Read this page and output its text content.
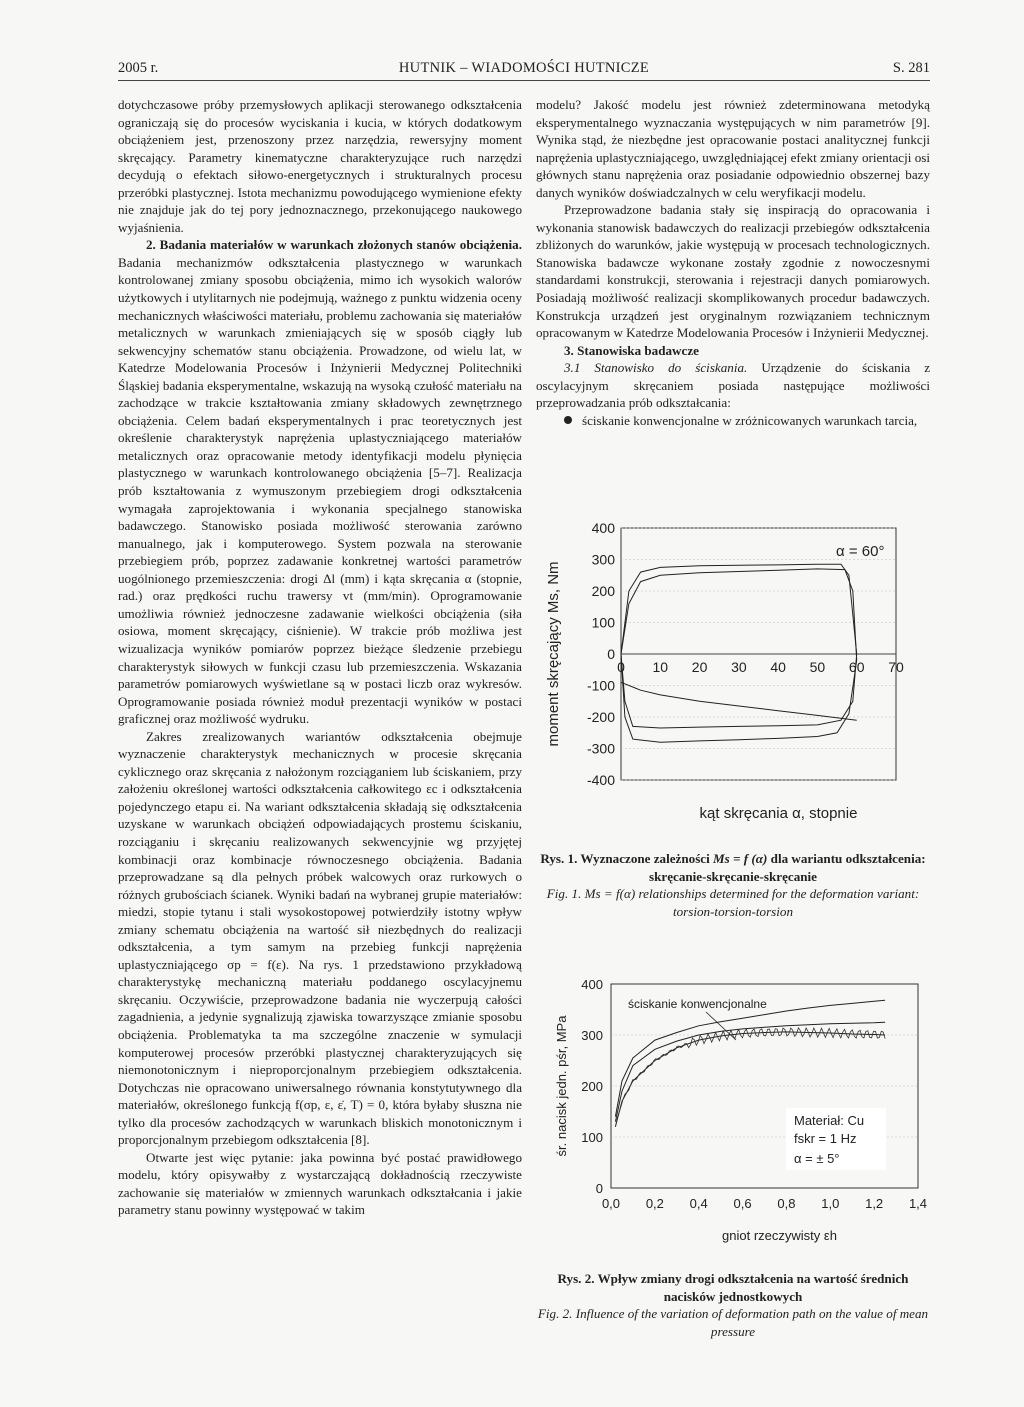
2005 r.	HUTNIK – WIADOMOŚCI HUTNICZE	S. 281

dotychczasowe próby przemysłowych aplikacji sterowanego odkształcenia ograniczają się do procesów wyciskania i kucia, w których dodatkowym obciążeniem jest, przenoszony przez narzędzia, rewersyjny moment skręcający. Parametry kinematyczne charakteryzujące ruch narzędzi decydują o efektach siłowo-energetycznych i strukturalnych procesu przeróbki plastycznej. Istota mechanizmu powodującego wymienione efekty nie znajduje jak do tej pory jednoznacznego, przekonującego naukowego wyjaśnienia.

2. Badania materiałów w warunkach złożonych stanów obciążenia. Badania mechanizmów odkształcenia plastycznego w warunkach kontrolowanej zmiany sposobu obciążenia, mimo ich wysokich walorów użytkowych i utylitarnych nie podejmują, ważnego z punktu widzenia oceny mechanicznych właściwości materiału, problemu zachowania się materiałów metalicznych w warunkach zmieniających się w sposób ciągły lub sekwencyjny schematów stanu obciążenia. Prowadzone, od wielu lat, w Katedrze Modelowania Procesów i Inżynierii Medycznej Politechniki Śląskiej badania eksperymentalne, wskazują na wysoką czułość materiału na zachodzące w trakcie kształtowania zmiany składowych zewnętrznego obciążenia. Celem badań eksperymentalnych i prac teoretycznych jest określenie charakterystyk naprężenia uplastyczniającego materiałów metalicznych oraz opracowanie metody identyfikacji modelu płynięcia plastycznego w warunkach kontrolowanego obciążenia [5–7]. Realizacja prób kształtowania z wymuszonym przebiegiem drogi odkształcenia wymagała zaprojektowania i wykonania specjalnego stanowiska badawczego. Stanowisko posiada możliwość sterowania zarówno manualnego, jak i komputerowego. System pozwala na sterowanie przebiegiem prób, poprzez zadawanie konkretnej wartości parametrów uogólnionego przemieszczenia: drogi Δl (mm) i kąta skręcania α (stopnie, rad.) oraz prędkości ruchu trawersy vt (mm/min). Oprogramowanie umożliwia również jednoczesne zadawanie wielkości obciążenia (siła osiowa, moment skręcający, ciśnienie). W trakcie prób możliwa jest wizualizacja wyników pomiarów poprzez bieżące śledzenie przebiegu charakterystyk siłowych w funkcji czasu lub przemieszczenia. Wskazania parametrów pomiarowych wyświetlane są w postaci liczb oraz wykresów. Oprogramowanie posiada również moduł prezentacji wyników w postaci graficznej oraz możliwość wydruku.

Zakres zrealizowanych wariantów odkształcenia obejmuje wyznaczenie charakterystyk mechanicznych w procesie skręcania cyklicznego oraz skręcania z nałożonym rozciąganiem lub ściskaniem, przy założeniu określonej wartości odkształcenia całkowitego εc i odkształcenia pojedynczego etapu εi. Na wariant odkształcenia składają się odkształcenia uzyskane w warunkach obciążeń odpowiadających prostemu ściskaniu, rozciąganiu i skręcaniu realizowanych sekwencyjnie wg przyjętej kombinacji oraz kombinacje równoczesnego obciążenia. Badania przeprowadzane są dla pełnych próbek walcowych oraz rurkowych o różnych grubościach ścianek. Wyniki badań na wybranej grupie materiałów: miedzi, stopie tytanu i stali wysokostopowej potwierdziły istotny wpływ zmiany schematu obciążenia na wartość sił niezbędnych do realizacji odkształcenia, a tym samym na przebieg funkcji naprężenia uplastyczniającego σp = f(ε). Na rys. 1 przedstawiono przykładową charakterystykę mechaniczną materiału poddanego oscylacyjnemu skręcaniu. Oczywiście, przeprowadzone badania nie wyczerpują całości zagadnienia, a jedynie sygnalizują zjawiska towarzyszące zmianie sposobu obciążenia. Problematyka ta ma szczególne znaczenie w symulacji komputerowej procesów przeróbki plastycznej charakteryzujących się niemonotonicznym i nieproporcjonalnym przebiegiem odkształcenia. Dotychczas nie opracowano uniwersalnego równania konstytutywnego dla materiałów, określonego funkcją f(σp, ε, ε̇, T) = 0, która byłaby słuszna nie tylko dla procesów zachodzących w warunkach bliskich monotonicznym i proporcjonalnym przebiegom odkształcenia [8].

Otwarte jest więc pytanie: jaka powinna być postać prawidłowego modelu, który opisywałby z wystarczającą dokładnością rzeczywiste zachowanie się materiałów w zmiennych warunkach odkształcania i jakie parametry stanu powinny występować w takim

modelu? Jakość modelu jest również zdeterminowana metodyką eksperymentalnego wyznaczania występujących w nim parametrów [9]. Wynika stąd, że niezbędne jest opracowanie postaci analitycznej funkcji naprężenia uplastyczniającego, uwzględniającej efekt zmiany orientacji osi głównych stanu naprężenia oraz posiadanie odpowiednio obszernej bazy danych wyników doświadczalnych w celu weryfikacji modelu.

Przeprowadzone badania stały się inspiracją do opracowania i wykonania stanowisk badawczych do realizacji przebiegów odkształcenia zbliżonych do warunków, jakie występują w procesach technologicznych. Stanowiska badawcze wykonane zostały zgodnie z nowoczesnymi standardami konstrukcji, sterowania i rejestracji danych pomiarowych. Posiadają możliwość realizacji skomplikowanych procedur badawczych. Konstrukcja urządzeń jest oryginalnym rozwiązaniem technicznym opracowanym w Katedrze Modelowania Procesów i Inżynierii Medycznej.

3. Stanowiska badawcze

3.1 Stanowisko do ściskania. Urządzenie do ściskania z oscylacyjnym skręcaniem posiada następujące możliwości przeprowadzania prób odkształcania:

ściskanie konwencjonalne w zróżnicowanych warunkach tarcia,

400
300
200
100
0
-100
-200
-300
-400
0 10 20 30 40 50 60 70
α = 60°
moment skręcający Ms, Nm
kąt skręcania α, stopnie
Rys. 1. Wyznaczone zależności Ms = f (α) dla wariantu odkształcenia: skręcanie-skręcanie-skręcanie
Fig. 1. Ms = f(α) relationships determined for the deformation variant: torsion-torsion-torsion
0
100
200
300
400
0,0 0,2 0,4 0,6 0,8 1,0 1,2 1,4
ściskanie konwencjonalne
Materiał: Cu
fskr = 1 Hz
α = ± 5°
śr. nacisk jedn. pśr, MPa
gniot rzeczywisty εh
Rys. 2. Wpływ zmiany drogi odkształcenia na wartość średnich nacisków jednostkowych
Fig. 2. Influence of the variation of deformation path on the value of mean pressure
